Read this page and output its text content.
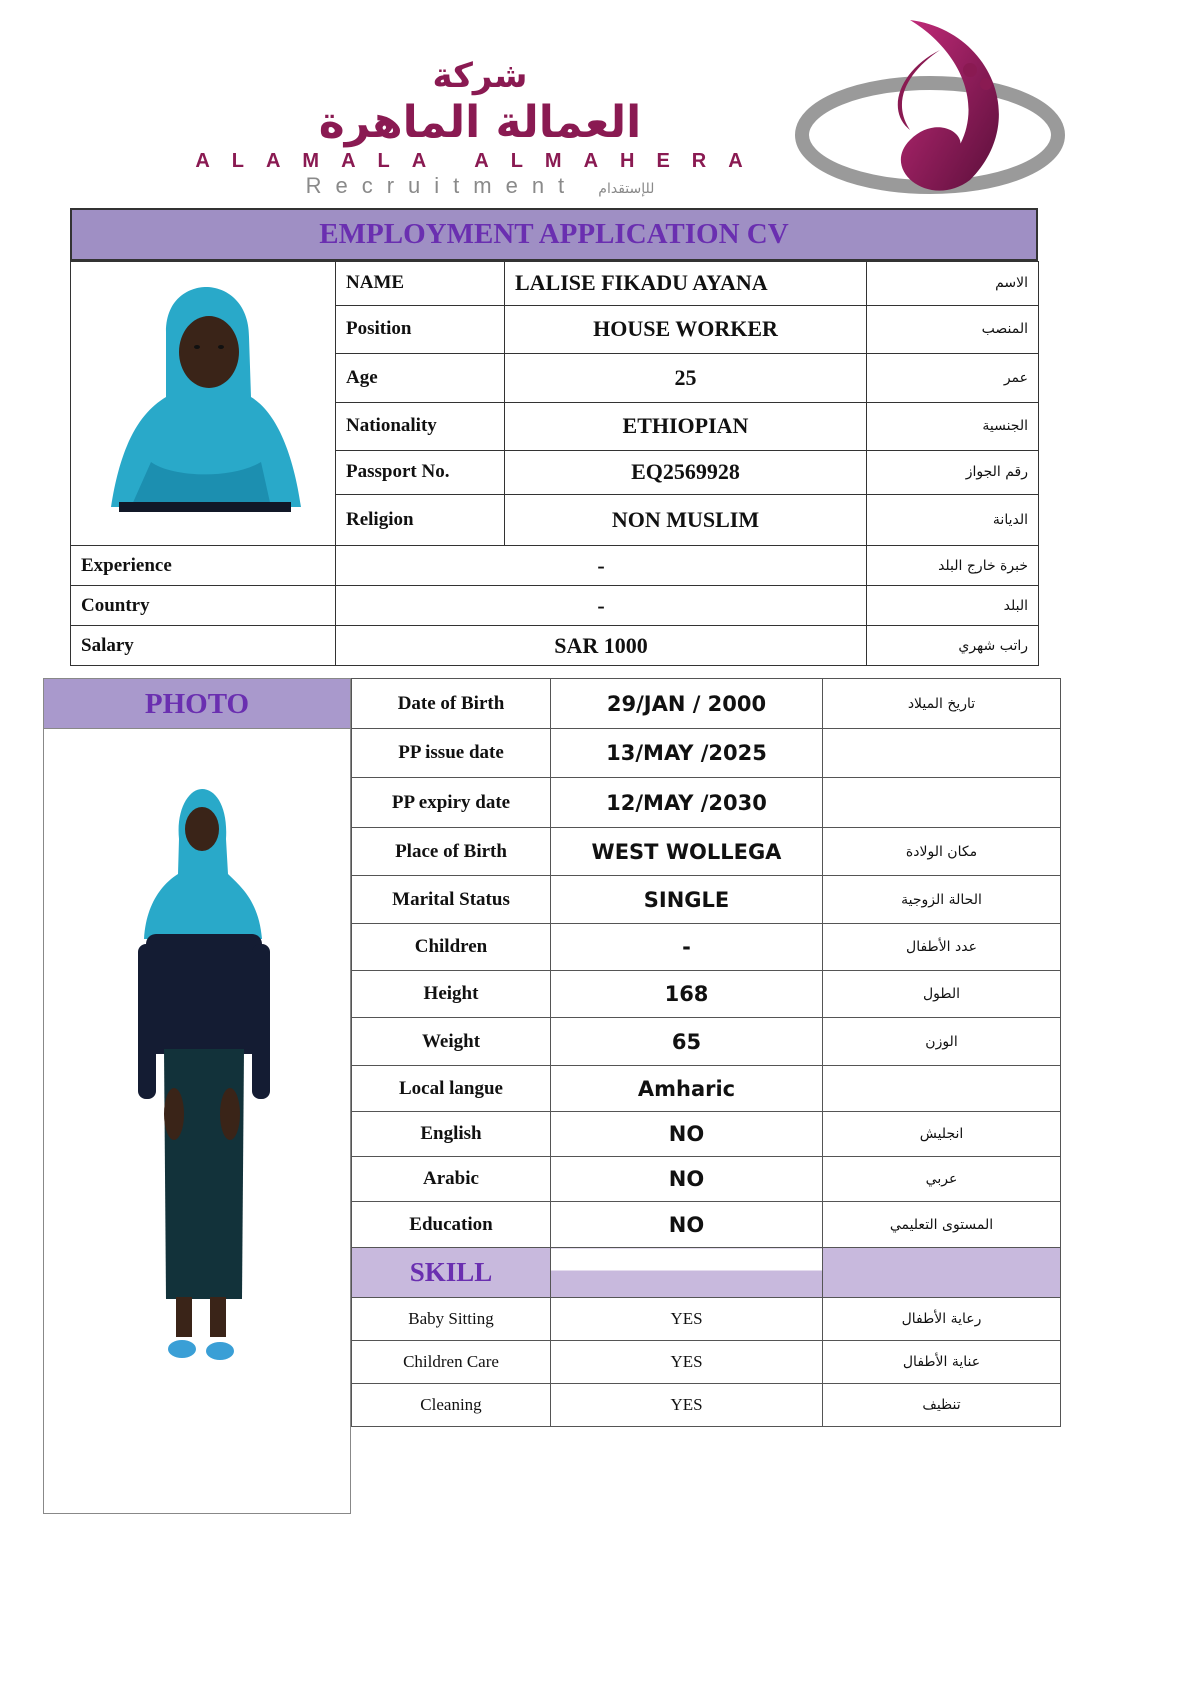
شركة
العمالة الماهرة
ALAMALA ALMAHERA
Recruitment للإستقدام
EMPLOYMENT APPLICATION CV
	NAME	LALISE FIKADU AYANA	الاسم
	Position	HOUSE WORKER	المنصب
	Age	25	عمر
	Nationality	ETHIOPIAN	الجنسية
	Passport No.	EQ2569928	رقم الجواز
	Religion	NON MUSLIM	الديانة
Experience	-		خبرة خارج البلد
Country	-		البلد
Salary	SAR 1000		راتب شهري
PHOTO	Date of Birth	29/JAN / 2000	تاريخ الميلاد
PP issue date	13/MAY /2025	
PP expiry date	12/MAY /2030	
Place of Birth	WEST WOLLEGA	مكان الولادة
Marital Status	SINGLE	الحالة الزوجية
Children	-	عدد الأطفال
Height	168	الطول
Weight	65	الوزن
Local langue	Amharic	
English	NO	انجليش
Arabic	NO	عربي
Education	NO	المستوى التعليمي
SKILL		
Baby Sitting	YES	رعاية الأطفال
Children Care	YES	عناية الأطفال
Cleaning	YES	تنظيف
